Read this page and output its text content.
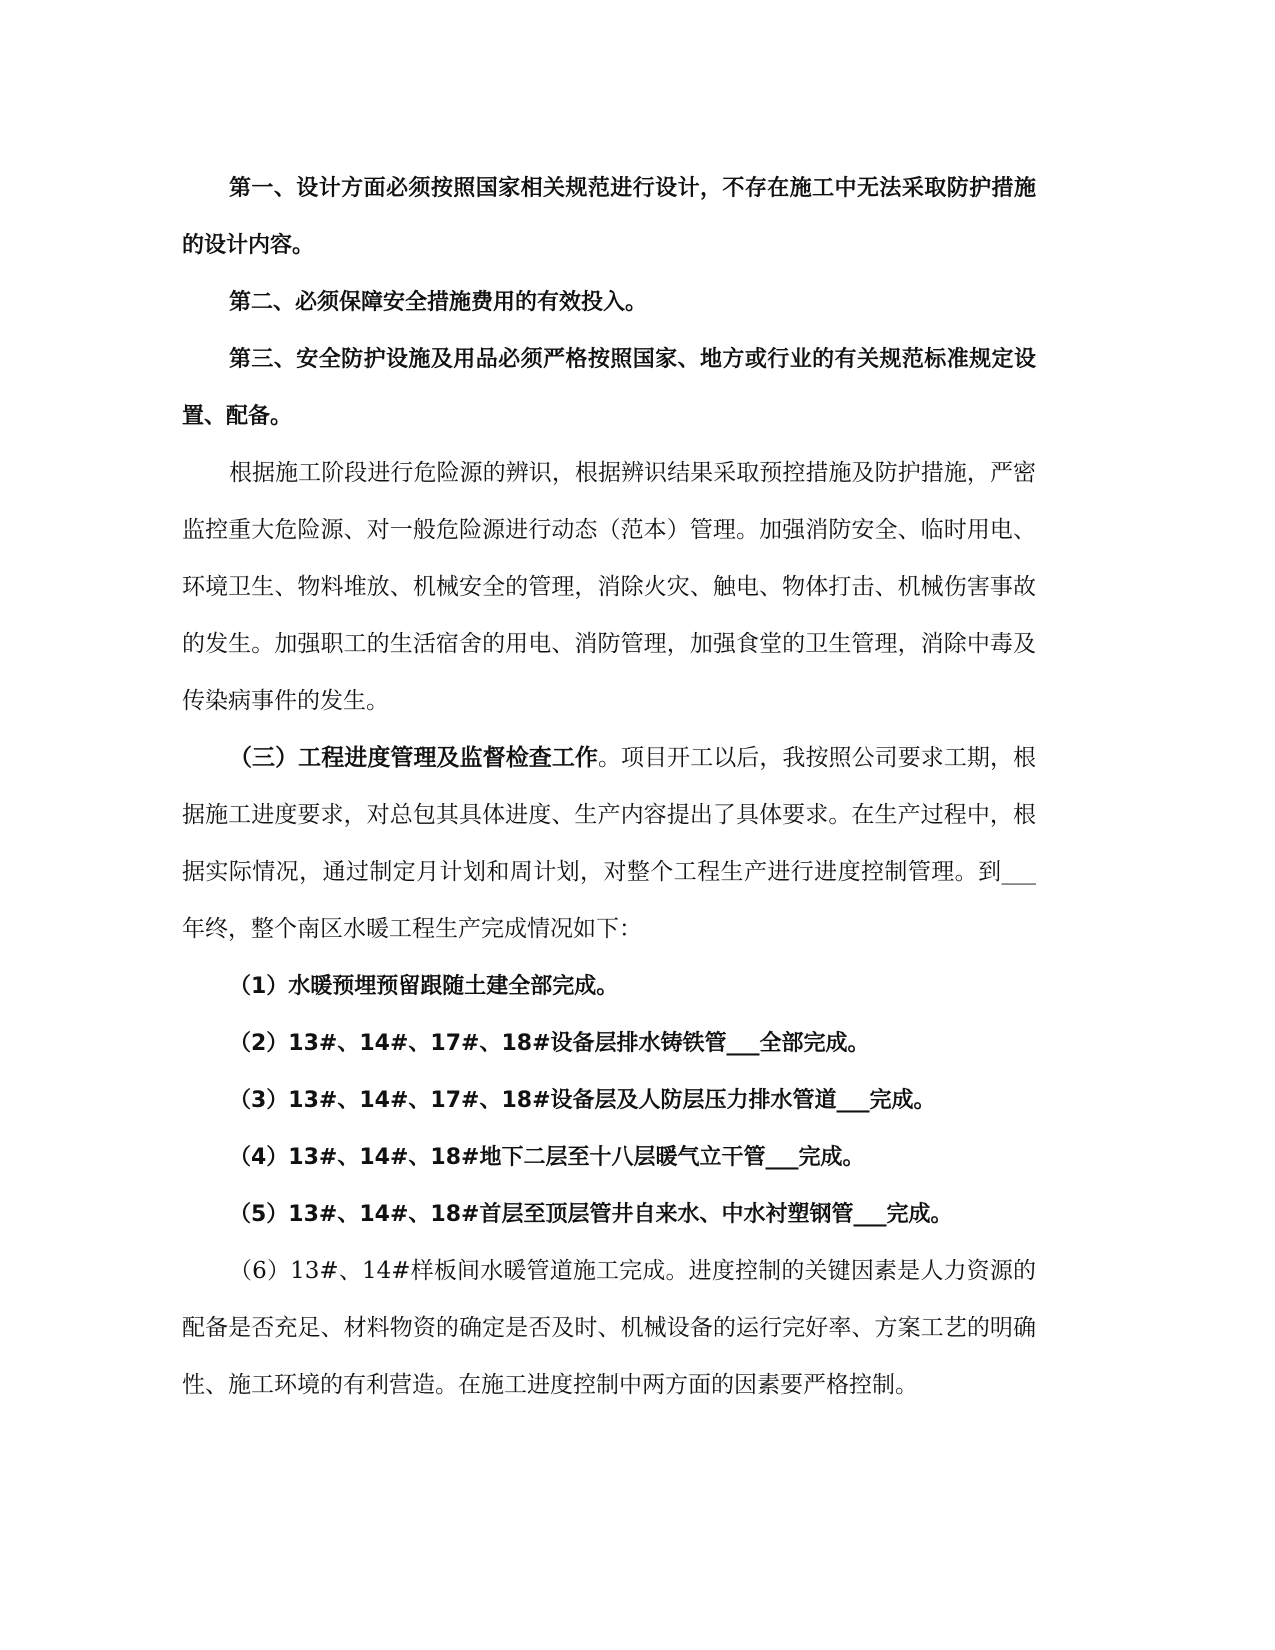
第一、设计方面必须按照国家相关规范进行设计，不存在施工中无法采取防护措施的设计内容。

第二、必须保障安全措施费用的有效投入。

第三、安全防护设施及用品必须严格按照国家、地方或行业的有关规范标准规定设置、配备。

根据施工阶段进行危险源的辨识，根据辨识结果采取预控措施及防护措施，严密监控重大危险源、对一般危险源进行动态（范本）管理。加强消防安全、临时用电、环境卫生、物料堆放、机械安全的管理，消除火灾、触电、物体打击、机械伤害事故的发生。加强职工的生活宿舍的用电、消防管理，加强食堂的卫生管理，消除中毒及传染病事件的发生。

（三）工程进度管理及监督检查工作。项目开工以后，我按照公司要求工期，根据施工进度要求，对总包其具体进度、生产内容提出了具体要求。在生产过程中，根据实际情况，通过制定月计划和周计划，对整个工程生产进行进度控制管理。到___年终，整个南区水暖工程生产完成情况如下：

（1）水暖预埋预留跟随土建全部完成。

（2）13#、14#、17#、18#设备层排水铸铁管___全部完成。

（3）13#、14#、17#、18#设备层及人防层压力排水管道___完成。

（4）13#、14#、18#地下二层至十八层暖气立干管___完成。

（5）13#、14#、18#首层至顶层管井自来水、中水衬塑钢管___完成。

（6）13#、14#样板间水暖管道施工完成。进度控制的关键因素是人力资源的配备是否充足、材料物资的确定是否及时、机械设备的运行完好率、方案工艺的明确性、施工环境的有利营造。在施工进度控制中两方面的因素要严格控制。
